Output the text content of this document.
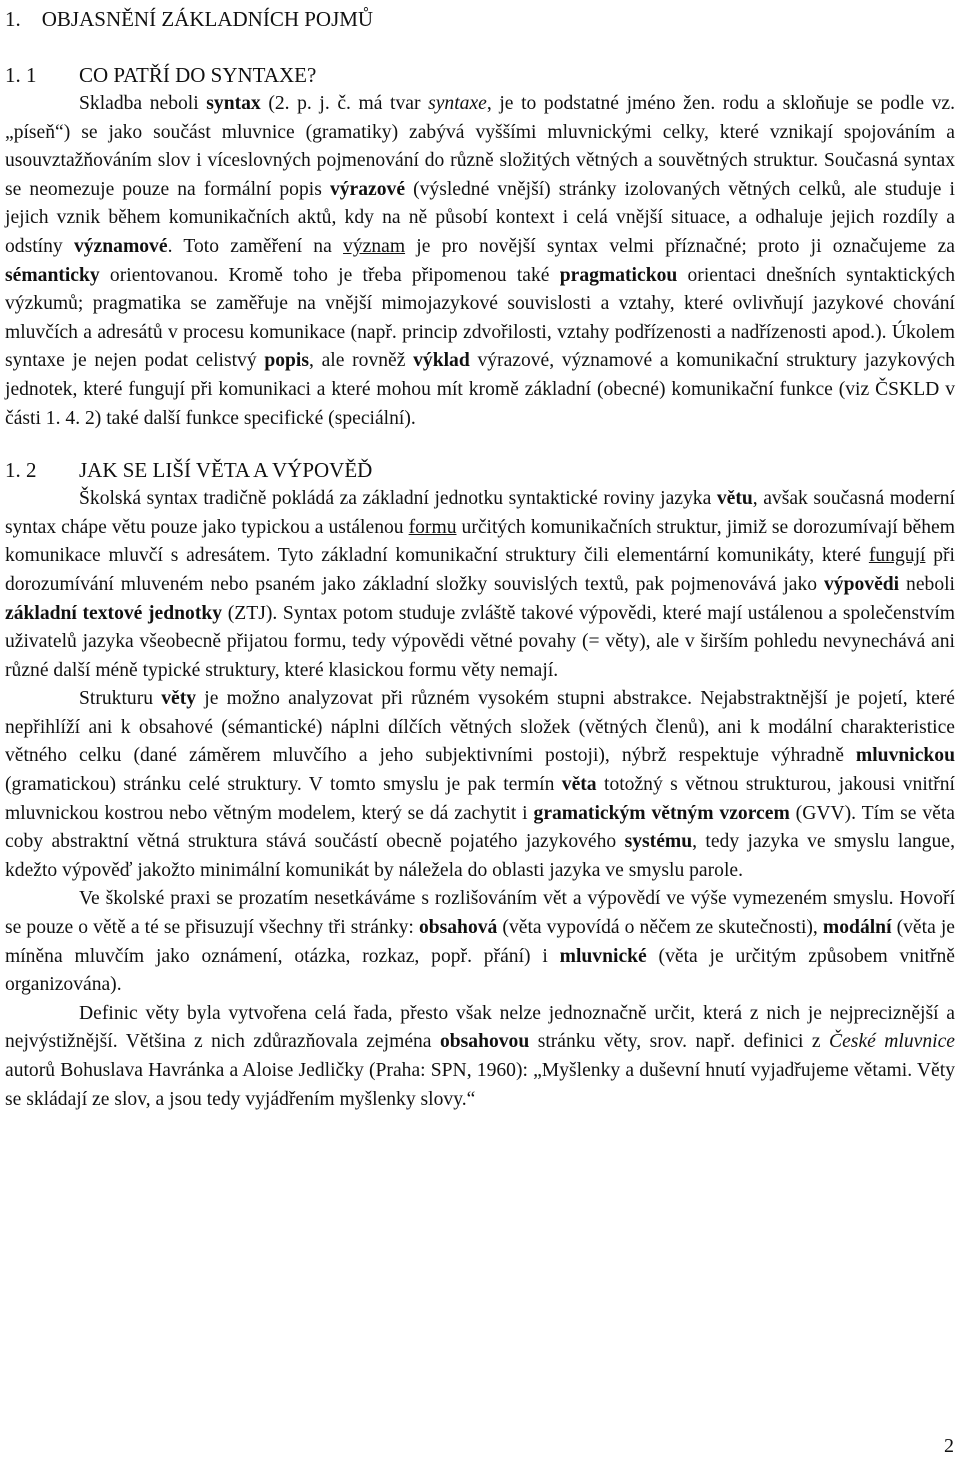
1.    OBJASNĚNÍ ZÁKLADNÍCH POJMŮ
1. 1 CO PATŘÍ DO SYNTAXE?

Skladba neboli syntax (2. p. j. č. má tvar syntaxe, je to podstatné jméno žen. rodu a skloňuje se podle vz. „píseň“) se jako součást mluvnice (gramatiky) zabývá vyššími mluvnickými celky, které vznikají spojováním a usouvztažňováním slov i víceslovných pojmenování do různě složitých větných a souvětných struktur. Současná syntax se neomezuje pouze na formální popis výrazové (výsledné vnější) stránky izolovaných větných celků, ale studuje i jejich vznik během komunikačních aktů, kdy na ně působí kontext i celá vnější situace, a odhaluje jejich rozdíly a odstíny významové. Toto zaměření na význam je pro novější syntax velmi příznačné; proto ji označujeme za sémanticky orientovanou. Kromě toho je třeba připomenou také pragmatickou orientaci dnešních syntaktických výzkumů; pragmatika se zaměřuje na vnější mimojazykové souvislosti a vztahy, které ovlivňují jazykové chování mluvčích a adresátů v procesu komunikace (např. princip zdvořilosti, vztahy podřízenosti a nadřízenosti apod.). Úkolem syntaxe je nejen podat celistvý popis, ale rovněž výklad výrazové, významové a komunikační struktury jazykových jednotek, které fungují při komunikaci a které mohou mít kromě základní (obecné) komunikační funkce (viz ČSKLD v části 1. 4. 2) také další funkce specifické (speciální).

1. 2 JAK SE LIŠÍ VĚTA A VÝPOVĚĎ

Školská syntax tradičně pokládá za základní jednotku syntaktické roviny jazyka větu, avšak současná moderní syntax chápe větu pouze jako typickou a ustálenou formu určitých komunikačních struktur, jimiž se dorozumívají během komunikace mluvčí s adresátem. Tyto základní komunikační struktury čili elementární komunikáty, které fungují při dorozumívání mluveném nebo psaném jako základní složky souvislých textů, pak pojmenovává jako výpovědi neboli základní textové jednotky (ZTJ). Syntax potom studuje zvláště takové výpovědi, které mají ustálenou a společenstvím uživatelů jazyka všeobecně přijatou formu, tedy výpovědi větné povahy (= věty), ale v širším pohledu nevynechává ani různé další méně typické struktury, které klasickou formu věty nemají.

Strukturu věty je možno analyzovat při různém vysokém stupni abstrakce. Nejabstraktnější je pojetí, které nepřihlíží ani k obsahové (sémantické) náplni dílčích větných složek (větných členů), ani k modální charakteristice větného celku (dané záměrem mluvčího a jeho subjektivními postoji), nýbrž respektuje výhradně mluvnickou (gramatickou) stránku celé struktury. V tomto smyslu je pak termín věta totožný s větnou strukturou, jakousi vnitřní mluvnickou kostrou nebo větným modelem, který se dá zachytit i gramatickým větným vzorcem (GVV). Tím se věta coby abstraktní větná struktura stává součástí obecně pojatého jazykového systému, tedy jazyka ve smyslu langue, kdežto výpověď jakožto minimální komunikát by náležela do oblasti jazyka ve smyslu parole.

Ve školské praxi se prozatím nesetkáváme s rozlišováním vět a výpovědí ve výše vymezeném smyslu. Hovoří se pouze o větě a té se přisuzují všechny tři stránky: obsahová (věta vypovídá o něčem ze skutečnosti), modální (věta je míněna mluvčím jako oznámení, otázka, rozkaz, popř. přání) i mluvnické (věta je určitým způsobem vnitřně organizována).

Definic věty byla vytvořena celá řada, přesto však nelze jednoznačně určit, která z nich je nejpreciznější a nejvýstižnější. Většina z nich zdůrazňovala zejména obsahovou stránku věty, srov. např. definici z České mluvnice autorů Bohuslava Havránka a Aloise Jedličky (Praha: SPN, 1960): „Myšlenky a duševní hnutí vyjadřujeme větami. Věty se skládají ze slov, a jsou tedy vyjádřením myšlenky slovy.“

2
